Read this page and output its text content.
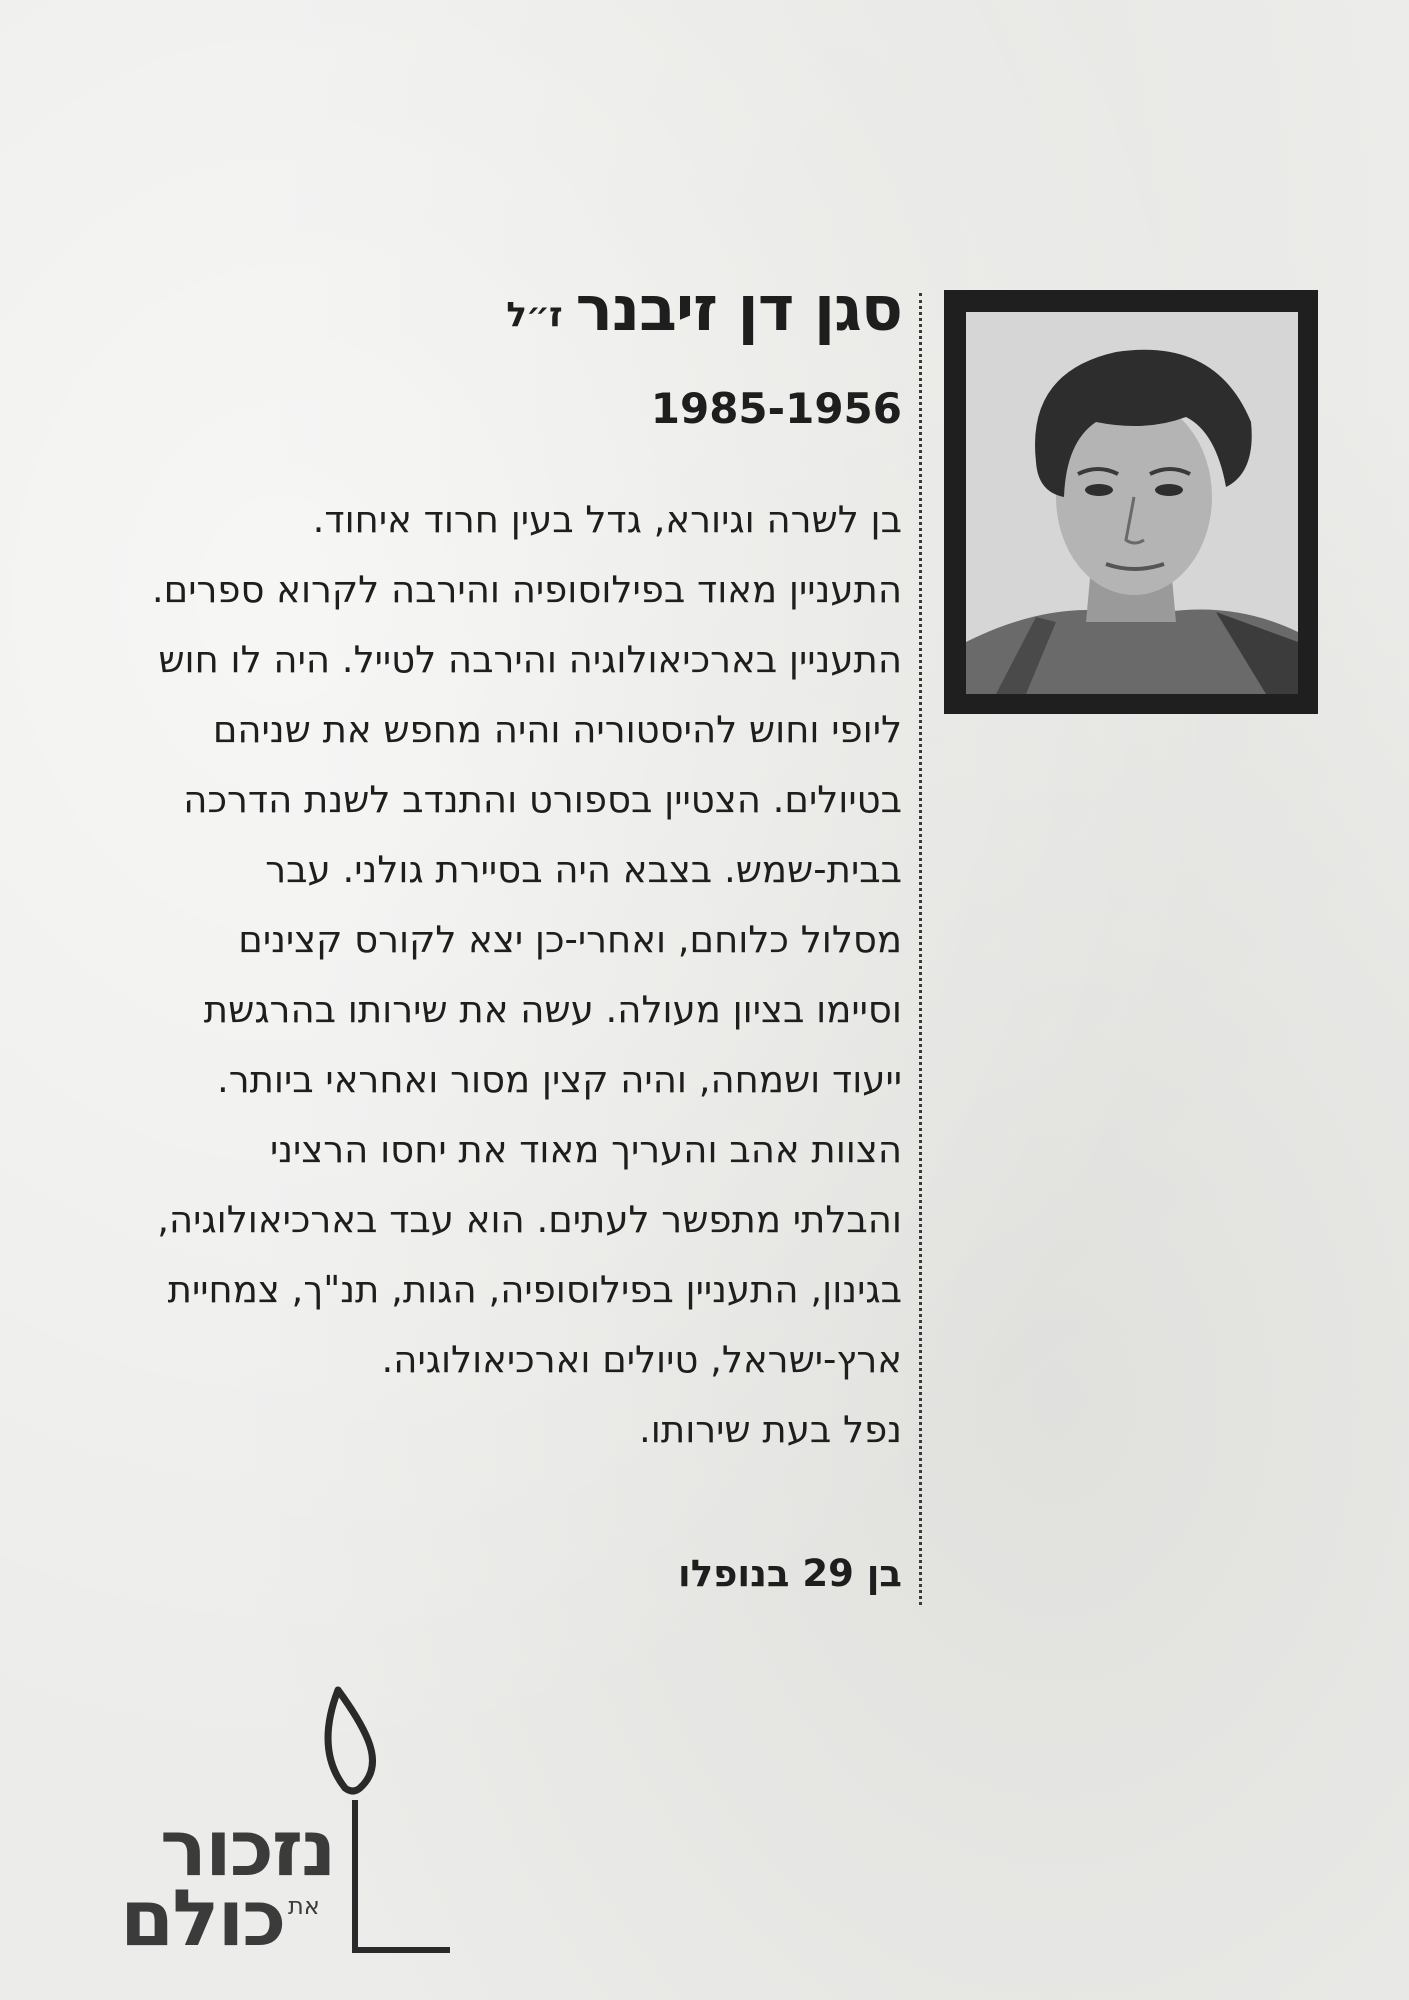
סגן דן זיבנרז״ל
1985-1956
בן לשרה וגיורא, גדל בעין חרוד איחוד.
התעניין מאוד בפילוסופיה והירבה לקרוא ספרים.
התעניין בארכיאולוגיה והירבה לטייל. היה לו חוש
ליופי וחוש להיסטוריה והיה מחפש את שניהם
בטיולים. הצטיין בספורט והתנדב לשנת הדרכה
בבית-שמש. בצבא היה בסיירת גולני. עבר
מסלול כלוחם, ואחרי-כן יצא לקורס קצינים
וסיימו בציון מעולה. עשה את שירותו בהרגשת
ייעוד ושמחה, והיה קצין מסור ואחראי ביותר.
הצוות אהב והעריך מאוד את יחסו הרציני
והבלתי מתפשר לעתים. הוא עבד בארכיאולוגיה,
בגינון, התעניין בפילוסופיה, הגות, תנ"ך, צמחיית
ארץ-ישראל, טיולים וארכיאולוגיה.
נפל בעת שירותו.
בן 29 בנופלו
נזכור
את
כולם
